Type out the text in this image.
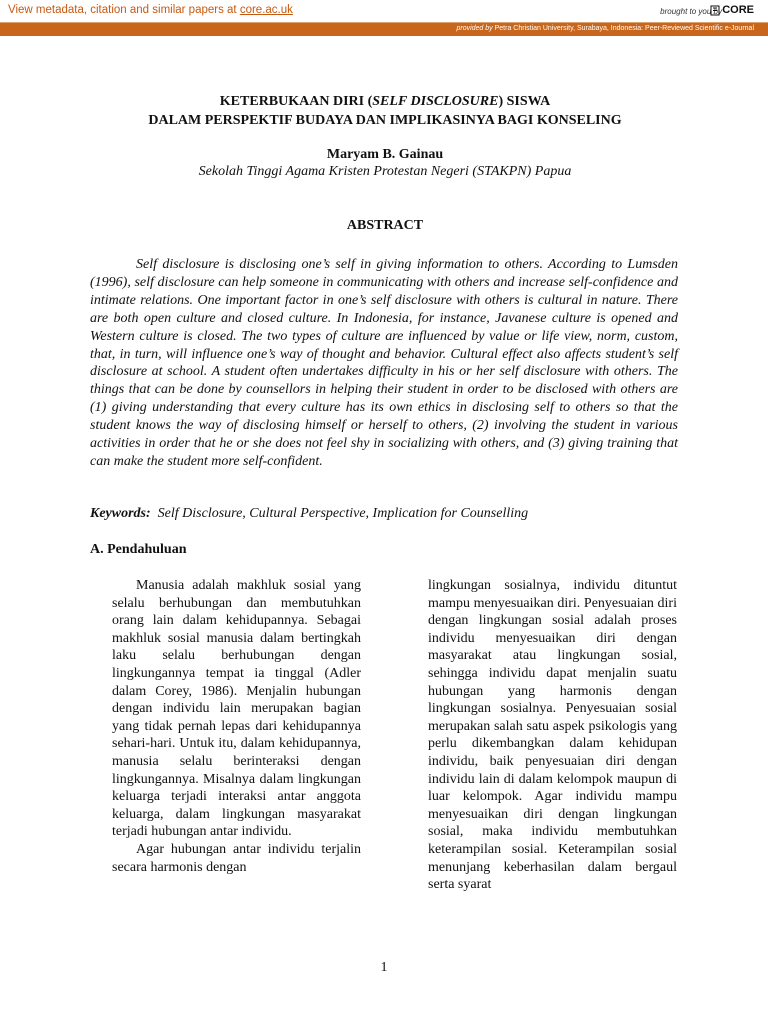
View metadata, citation and similar papers at core.ac.uk	brought to you by CORE
provided by Petra Christian University, Surabaya, Indonesia: Peer-Reviewed Scientific e-Journal
KETERBUKAAN DIRI (SELF DISCLOSURE) SISWA
DALAM PERSPEKTIF BUDAYA DAN IMPLIKASINYA BAGI KONSELING
Maryam B. Gainau
Sekolah Tinggi Agama Kristen Protestan Negeri (STAKPN) Papua
ABSTRACT

Self disclosure is disclosing one’s self in giving information to others. According to Lumsden (1996), self disclosure can help someone in communicating with others and increase self-confidence and intimate relations. One important factor in one’s self disclosure with others is cultural in nature. There are both open culture and closed culture. In Indonesia, for instance, Javanese culture is opened and Western culture is closed. The two types of culture are influenced by value or life view, norm, custom, that, in turn, will influence one’s way of thought and behavior. Cultural effect also affects student’s self disclosure at school. A student often undertakes difficulty in his or her self disclosure with others. The things that can be done by counsellors in helping their student in order to be disclosed with others are (1) giving understanding that every culture has its own ethics in disclosing self to others so that the student knows the way of disclosing himself or herself to others, (2) involving the student in various activities in order that he or she does not feel shy in socializing with others, and (3) giving training that can make the student more self-confident.

Keywords: Self Disclosure, Cultural Perspective, Implication for Counselling
A. Pendahuluan

Manusia adalah makhluk sosial yang selalu berhubungan dan membutuhkan orang lain dalam kehidupannya. Sebagai makhluk sosial manusia dalam bertingkah laku selalu berhubungan dengan lingkungannya tempat ia tinggal (Adler dalam Corey, 1986). Menjalin hubungan dengan individu lain merupakan bagian yang tidak pernah lepas dari kehidupannya sehari-hari. Untuk itu, dalam kehidupannya, manusia selalu berinteraksi dengan lingkungannya. Misalnya dalam lingkungan keluarga terjadi interaksi antar anggota keluarga, dalam lingkungan masyarakat terjadi hubungan antar individu.

Agar hubungan antar individu terjalin secara harmonis dengan

lingkungan sosialnya, individu dituntut mampu menyesuaikan diri. Penyesuaian diri dengan lingkungan sosial adalah proses individu menyesuaikan diri dengan masyarakat atau lingkungan sosial, sehingga individu dapat menjalin suatu hubungan yang harmonis dengan lingkungan sosialnya. Penyesuaian sosial merupakan salah satu aspek psikologis yang perlu dikembangkan dalam kehidupan individu, baik penyesuaian diri dengan individu lain di dalam kelompok maupun di luar kelompok. Agar individu mampu menyesuaikan diri dengan lingkungan sosial, maka individu membutuhkan keterampilan sosial. Keterampilan sosial menunjang keberhasilan dalam bergaul serta syarat

1
